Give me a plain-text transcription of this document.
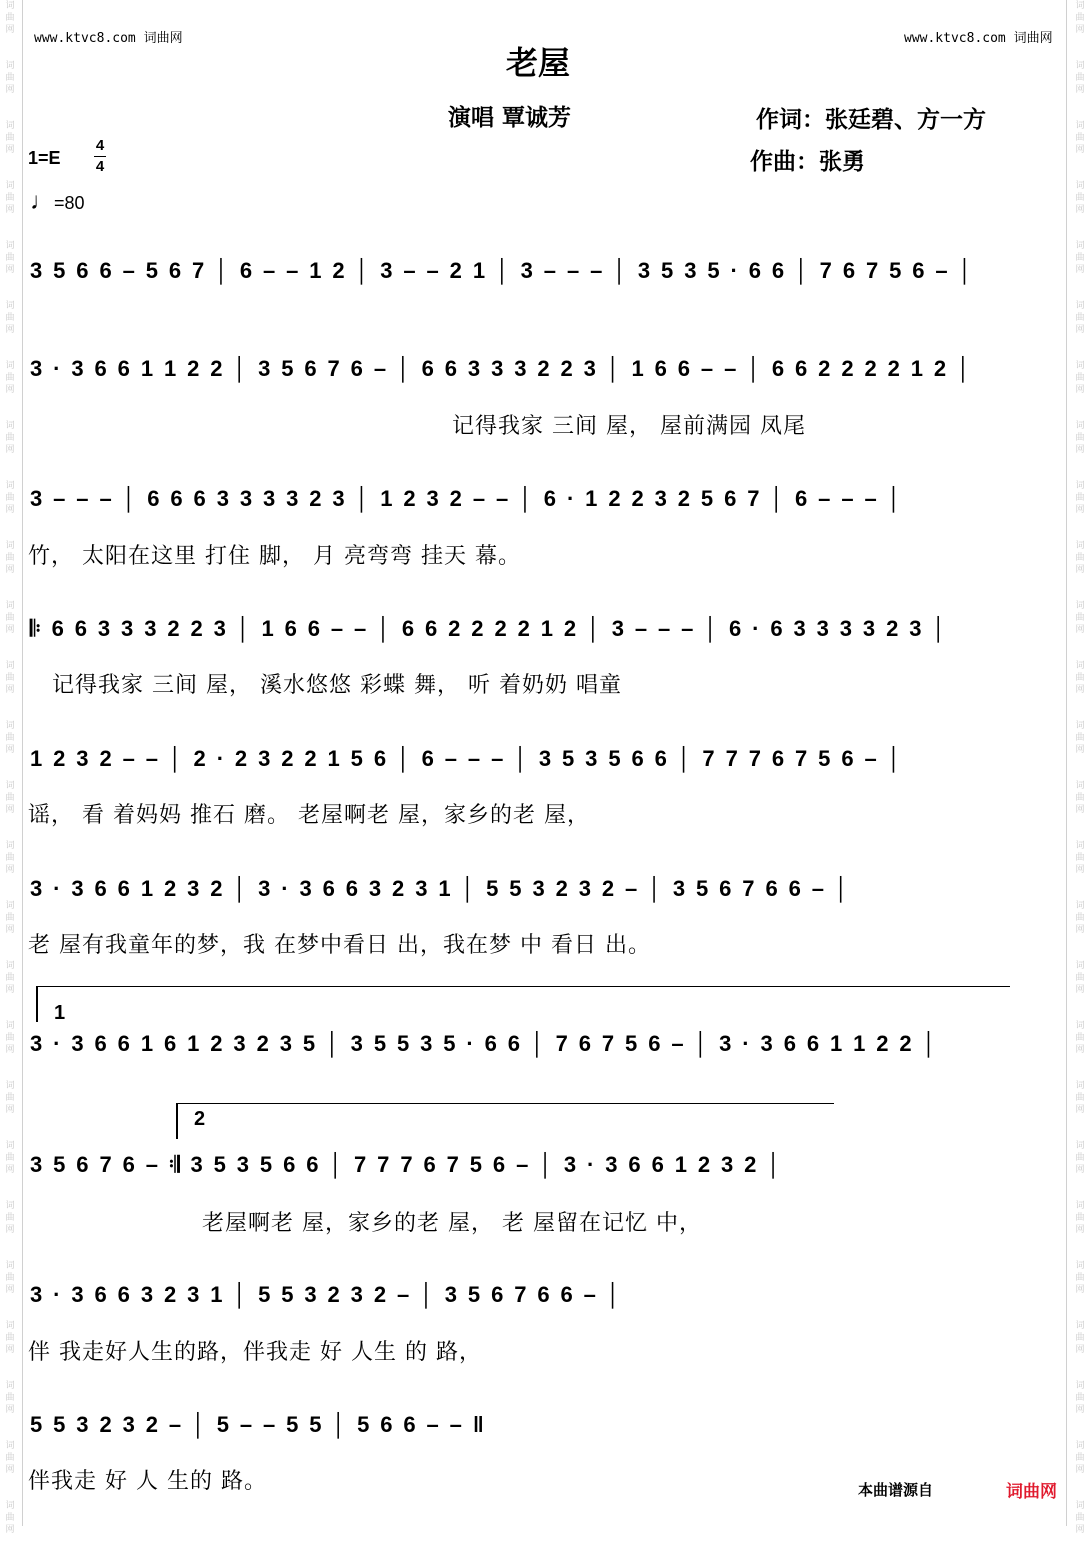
词
曲
网
词
曲
网
词
曲
网
词
曲
网
词
曲
网
词
曲
网
词
曲
网
词
曲
网
词
曲
网
词
曲
网
词
曲
网
词
曲
网
词
曲
网
词
曲
网
词
曲
网
词
曲
网
词
曲
网
词
曲
网
词
曲
网
词
曲
网
词
曲
网
词
曲
网
词
曲
网
词
曲
网
词
曲
网
词
曲
网
词
曲
网
词
曲
网
词
曲
网
词
曲
网
词
曲
网
词
曲
网
词
曲
网
词
曲
网
词
曲
网
词
曲
网
词
曲
网
词
曲
网
词
曲
网
词
曲
网
词
曲
网
词
曲
网
词
曲
网
词
曲
网
词
曲
网
词
曲
网
词
曲
网
词
曲
网
词
曲
网
词
曲
网
词
曲
网
词
曲
网
www.ktvc8.com 词曲网	www.ktvc8.com 词曲网
老屋
演唱 覃诚芳	作词：张廷碧、方一方
作曲：张勇
1=E
4
4
♩=80
3 5 6 6 – 5 6 7 │ 6 – – 1 2 │ 3 – – 2 1 │ 3 – – – │ 3 5 3 5 · 6 6 │ 7 6 7 5 6 – │
3 · 3 6 6 1 1 2 2 │ 3 5 6 7 6 – │ 6 6 3 3 3 2 2 3 │ 1 6 6 – – │ 6 6 2 2 2 2 1 2 │
记得我家 三间 屋， 屋前满园 凤尾
3 – – – │ 6 6 6 3 3 3 3 2 3 │ 1 2 3 2 – – │ 6 · 1 2 2 3 2 5 6 7 │ 6 – – – │
竹， 太阳在这里 打住 脚， 月 亮弯弯 挂天 幕。
𝄆 6 6 3 3 3 2 2 3 │ 1 6 6 – – │ 6 6 2 2 2 2 1 2 │ 3 – – – │ 6 · 6 3 3 3 3 2 3 │
记得我家 三间 屋， 溪水悠悠 彩蝶 舞， 听 着奶奶 唱童
1 2 3 2 – – │ 2 · 2 3 2 2 1 5 6 │ 6 – – – │ 3 5 3 5 6 6 │ 7 7 7 6 7 5 6 – │
谣， 看 着妈妈 推石 磨。 老屋啊老 屋，家乡的老 屋，
3 · 3 6 6 1 2 3 2 │ 3 · 3 6 6 3 2 3 1 │ 5 5 3 2 3 2 – │ 3 5 6 7 6 6 – │
老 屋有我童年的梦，我 在梦中看日 出，我在梦 中 看日 出。
1
3 · 3 6 6 1 6 1 2 3 2 3 5 │ 3 5 5 3 5 · 6 6 │ 7 6 7 5 6 – │ 3 · 3 6 6 1 1 2 2 │
2
3 5 6 7 6 – 𝄇 3 5 3 5 6 6 │ 7 7 7 6 7 5 6 – │ 3 · 3 6 6 1 2 3 2 │
老屋啊老 屋，家乡的老 屋， 老 屋留在记忆 中，
3 · 3 6 6 3 2 3 1 │ 5 5 3 2 3 2 – │ 3 5 6 7 6 6 – │
伴 我走好人生的路，伴我走 好 人生 的 路，
5 5 3 2 3 2 – │ 5 – – 5 5 │ 5 6 6 – – ‖
伴我走 好 人 生的 路。	本曲谱源自	词曲网
